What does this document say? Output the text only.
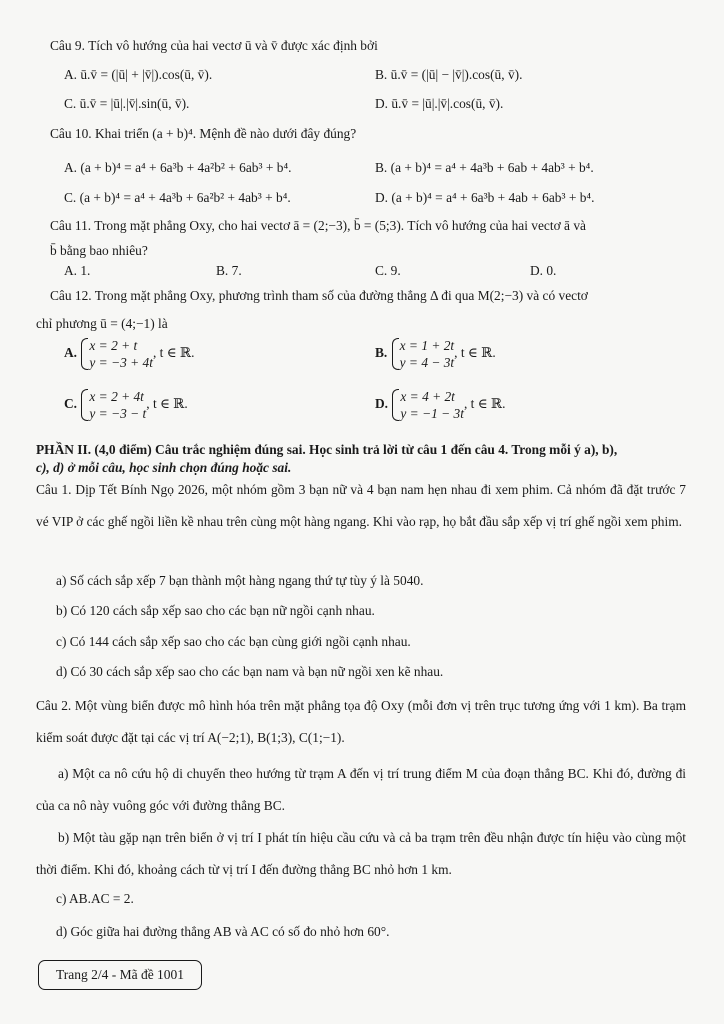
Câu 9. Tích vô hướng của hai vectơ ū và v̄ được xác định bởi
A. ū.v̄ = (|ū| + |v̄|).cos(ū, v̄).	B. ū.v̄ = (|ū| − |v̄|).cos(ū, v̄).
C. ū.v̄ = |ū|.|v̄|.sin(ū, v̄).	D. ū.v̄ = |ū|.|v̄|.cos(ū, v̄).
Câu 10. Khai triển (a + b)⁴. Mệnh đề nào dưới đây đúng?
A. (a + b)⁴ = a⁴ + 6a³b + 4a²b² + 6ab³ + b⁴.	B. (a + b)⁴ = a⁴ + 4a³b + 6ab + 4ab³ + b⁴.
C. (a + b)⁴ = a⁴ + 4a³b + 6a²b² + 4ab³ + b⁴.	D. (a + b)⁴ = a⁴ + 6a³b + 4ab + 6ab³ + b⁴.
Câu 11. Trong mặt phẳng Oxy, cho hai vectơ ā = (2;−3), b̄ = (5;3). Tích vô hướng của hai vectơ ā và
b̄ bằng bao nhiêu?
A. 1.	B. 7.	C. 9.	D. 0.
Câu 12. Trong mặt phẳng Oxy, phương trình tham số của đường thẳng Δ đi qua M(2;−3) và có vectơ
chỉ phương ū = (4;−1) là
A. x = 2 + t
y = −3 + 4t
, t ∈ ℝ.	B. x = 1 + 2t
y = 4 − 3t
, t ∈ ℝ.
C. x = 2 + 4t
y = −3 − t
, t ∈ ℝ.	D. x = 4 + 2t
y = −1 − 3t
, t ∈ ℝ.
PHẦN II. (4,0 điểm) Câu trắc nghiệm đúng sai. Học sinh trả lời từ câu 1 đến câu 4. Trong mỗi ý a), b),
c), d) ở mỗi câu, học sinh chọn đúng hoặc sai.
Câu 1. Dịp Tết Bính Ngọ 2026, một nhóm gồm 3 bạn nữ và 4 bạn nam hẹn nhau đi xem phim. Cả nhóm đã đặt trước 7 vé VIP ở các ghế ngồi liền kề nhau trên cùng một hàng ngang. Khi vào rạp, họ bắt đầu sắp xếp vị trí ghế ngồi xem phim.
a) Số cách sắp xếp 7 bạn thành một hàng ngang thứ tự tùy ý là 5040.
b) Có 120 cách sắp xếp sao cho các bạn nữ ngồi cạnh nhau.
c) Có 144 cách sắp xếp sao cho các bạn cùng giới ngồi cạnh nhau.
d) Có 30 cách sắp xếp sao cho các bạn nam và bạn nữ ngồi xen kẽ nhau.
Câu 2. Một vùng biển được mô hình hóa trên mặt phẳng tọa độ Oxy (mỗi đơn vị trên trục tương ứng với 1 km). Ba trạm kiểm soát được đặt tại các vị trí A(−2;1), B(1;3), C(1;−1).
a) Một ca nô cứu hộ di chuyển theo hướng từ trạm A đến vị trí trung điểm M của đoạn thẳng BC. Khi đó, đường đi của ca nô này vuông góc với đường thẳng BC.
b) Một tàu gặp nạn trên biển ở vị trí I phát tín hiệu cầu cứu và cả ba trạm trên đều nhận được tín hiệu vào cùng một thời điểm. Khi đó, khoảng cách từ vị trí I đến đường thẳng BC nhỏ hơn 1 km.
c) AB.AC = 2.
d) Góc giữa hai đường thẳng AB và AC có số đo nhỏ hơn 60°.
Trang 2/4 - Mã đề 1001
